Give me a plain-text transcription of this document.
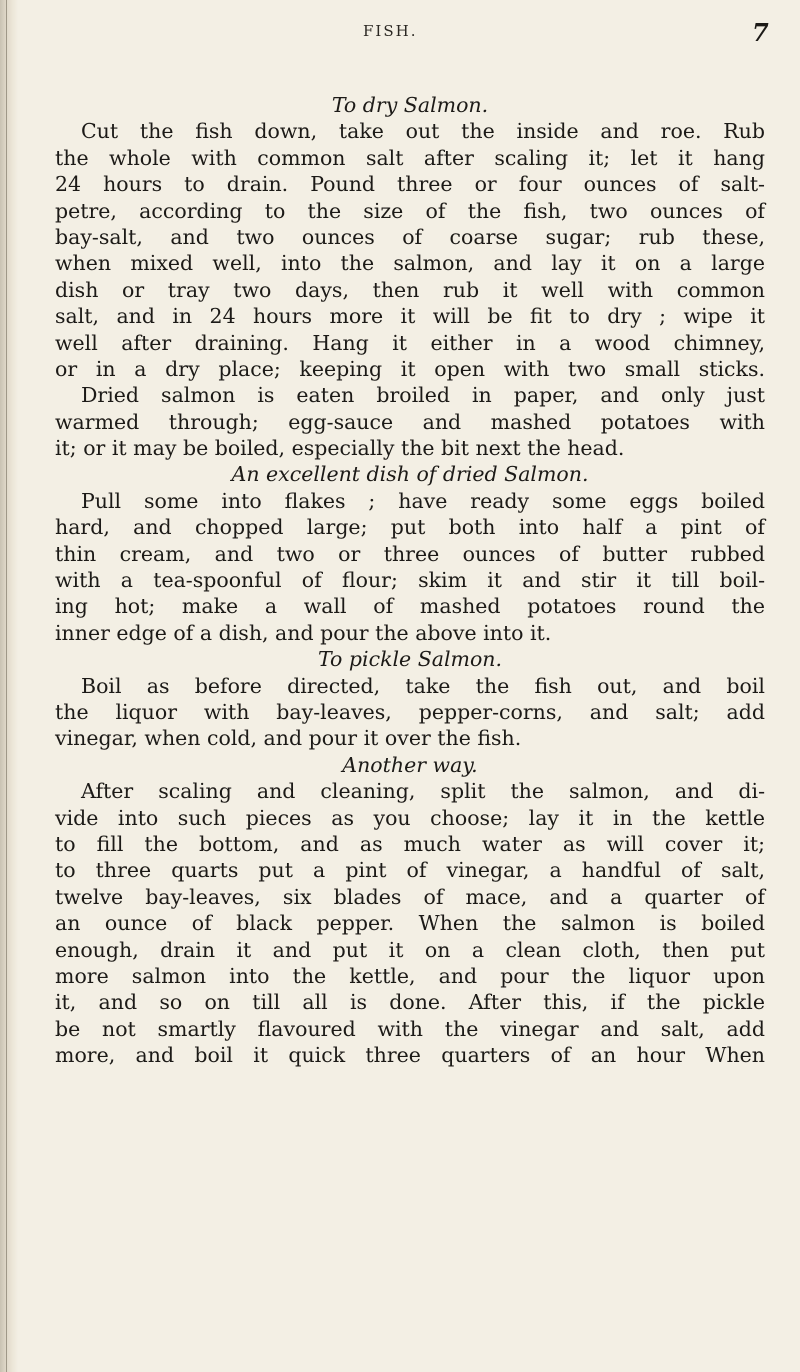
FISH.	7
To dry Salmon.
Cut the fish down, take out the inside and roe. Rub
the whole with common salt after scaling it; let it hang
24 hours to drain. Pound three or four ounces of salt-
petre, according to the size of the fish, two ounces of
bay-salt, and two ounces of coarse sugar; rub these,
when mixed well, into the salmon, and lay it on a large
dish or tray two days, then rub it well with common
salt, and in 24 hours more it will be fit to dry ; wipe it
well after draining. Hang it either in a wood chimney,
or in a dry place; keeping it open with two small sticks.
Dried salmon is eaten broiled in paper, and only just
warmed through; egg-sauce and mashed potatoes with
it; or it may be boiled, especially the bit next the head.
An excellent dish of dried Salmon.
Pull some into flakes ; have ready some eggs boiled
hard, and chopped large; put both into half a pint of
thin cream, and two or three ounces of butter rubbed
with a tea-spoonful of flour; skim it and stir it till boil-
ing hot; make a wall of mashed potatoes round the
inner edge of a dish, and pour the above into it.
To pickle Salmon.
Boil as before directed, take the fish out, and boil
the liquor with bay-leaves, pepper-corns, and salt; add
vinegar, when cold, and pour it over the fish.
Another way.
After scaling and cleaning, split the salmon, and di-
vide into such pieces as you choose; lay it in the kettle
to fill the bottom, and as much water as will cover it;
to three quarts put a pint of vinegar, a handful of salt,
twelve bay-leaves, six blades of mace, and a quarter of
an ounce of black pepper. When the salmon is boiled
enough, drain it and put it on a clean cloth, then put
more salmon into the kettle, and pour the liquor upon
it, and so on till all is done. After this, if the pickle
be not smartly flavoured with the vinegar and salt, add
more, and boil it quick three quarters of an hour When
